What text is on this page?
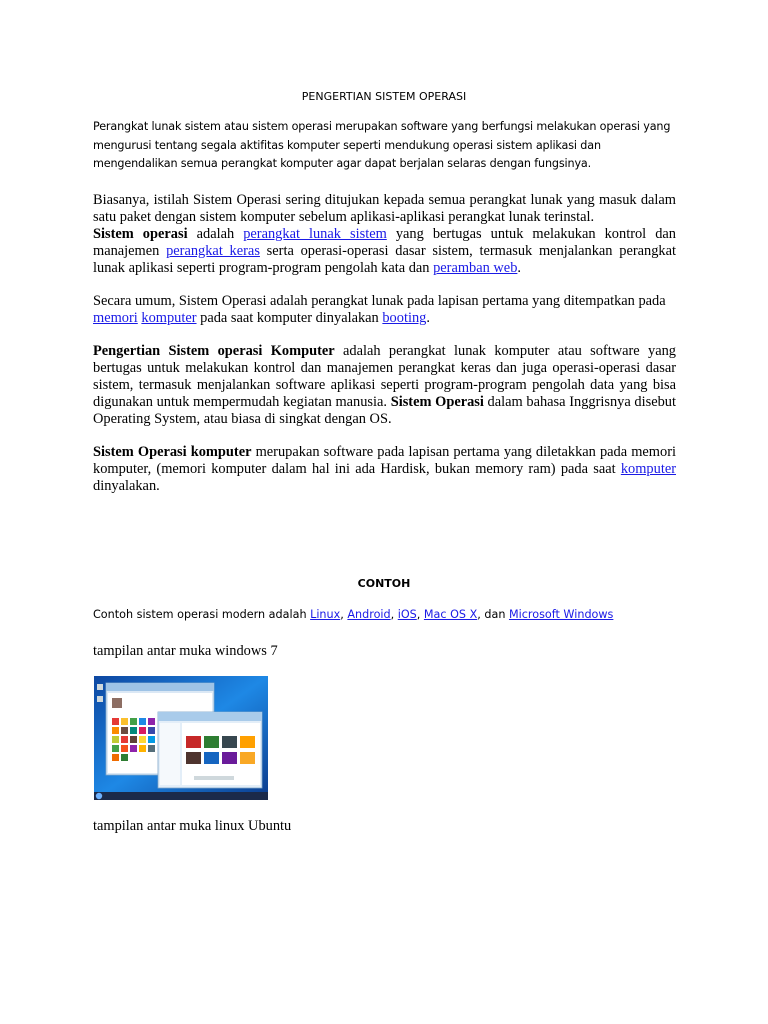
PENGERTIAN SISTEM OPERASI
Perangkat lunak sistem atau sistem operasi merupakan software yang berfungsi melakukan operasi yang mengurusi tentang segala aktifitas komputer seperti mendukung operasi sistem aplikasi dan mengendalikan semua perangkat komputer agar dapat berjalan selaras dengan fungsinya.
Biasanya, istilah Sistem Operasi sering ditujukan kepada semua perangkat lunak yang masuk dalam satu paket dengan sistem komputer sebelum aplikasi-aplikasi perangkat lunak terinstal.
Sistem operasi adalah perangkat lunak sistem yang bertugas untuk melakukan kontrol dan manajemen perangkat keras serta operasi-operasi dasar sistem, termasuk menjalankan perangkat lunak aplikasi seperti program-program pengolah kata dan peramban web.
Secara umum, Sistem Operasi adalah perangkat lunak pada lapisan pertama yang ditempatkan pada memori komputer pada saat komputer dinyalakan booting.
Pengertian Sistem operasi Komputer adalah perangkat lunak komputer atau software yang bertugas untuk melakukan kontrol dan manajemen perangkat keras dan juga operasi-operasi dasar sistem, termasuk menjalankan software aplikasi seperti program-program pengolah data yang bisa digunakan untuk mempermudah kegiatan manusia. Sistem Operasi dalam bahasa Inggrisnya disebut Operating System, atau biasa di singkat dengan OS.
Sistem Operasi komputer merupakan software pada lapisan pertama yang diletakkan pada memori komputer, (memori komputer dalam hal ini ada Hardisk, bukan memory ram) pada saat komputer dinyalakan.
CONTOH
Contoh sistem operasi modern adalah Linux, Android, iOS, Mac OS X, dan Microsoft Windows
tampilan antar muka windows 7
tampilan antar muka linux Ubuntu
